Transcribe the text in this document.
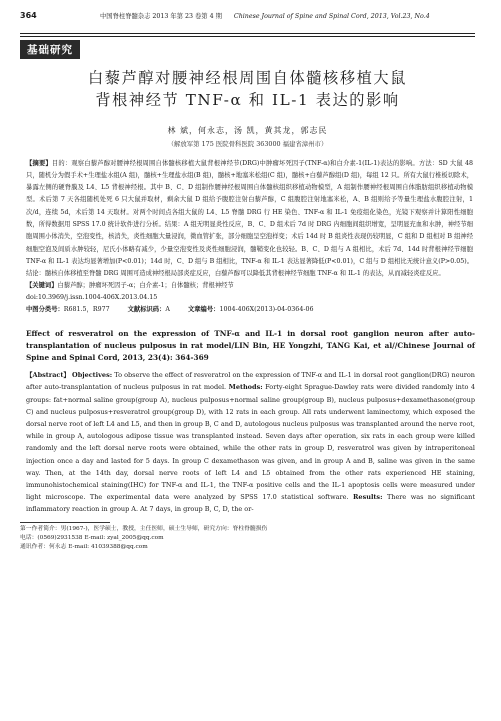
364	中国脊柱脊髓杂志 2013 年第 23 卷第 4 期 Chinese Journal of Spine and Spinal Cord, 2013, Vol.23, No.4
基础研究
白藜芦醇对腰神经根周围自体髓核移植大鼠
背根神经节 TNF-α 和 IL-1 表达的影响
林 斌，何永志，汤 凯，黄其龙，郭志民
（解放军第 175 医院骨科医院 363000 福建省漳州市）
【摘要】目的：观察白藜芦醇对腰神经根周围自体髓核移植大鼠背根神经节(DRG)中肿瘤坏死因子(TNF-α)和白介素-1(IL-1)表达的影响。方法：SD 大鼠 48 只，随机分为假手术+生理盐水组(A 组)，髓核+生理盐水组(B 组)，髓核+地塞米松组(C 组)，髓核+白藜芦醇组(D 组)，每组 12 只。所有大鼠行椎板切除术，暴露左侧的硬脊膜及 L4、L5 背根神经根。其中 B、C、D 组制作腰神经根周围自体髓核组织移植动物模型，A 组制作腰神经根周围自体脂肪组织移植动物模型。术后第 7 天各组随机处死 6 只大鼠并取材，剩余大鼠 D 组给予腹腔注射白藜芦醇，C 组腹腔注射地塞米松，A、B 组则给予等量生理盐水腹腔注射，1 次/d，连续 5d，术后第 14 天取材。对两个时间点各组大鼠的 L4、L5 脊髓 DRG 行 HE 染色、TNF-α 和 IL-1 免疫组化染色，光镜下观察并计算阳性细胞数，所得数据用 SPSS 17.0 统计软件进行分析。结果：A 组无明显炎性反应，B、C、D 组术后 7d 时 DRG 内细胞间组织增宽，呈明显充血和水肿，神经节细胞周围小体消失，空泡变性，核消失，炎性细胞大量浸润，微血管扩张，部分细胞呈空泡样变；术后 14d 时 B 组炎性表现仍较明显，C 组和 D 组相对 B 组神经细胞空泡及间质水肿较轻，尼氏小体略有减少，少量空泡变性及炎性细胞浸润，髓鞘变化也较轻。B、C、D 组与 A 组相比，术后 7d、14d 时背根神经节细胞 TNF-α 和 IL-1 表达均显著增加(P<0.01)；14d 时，C、D 组与 B 组相比，TNF-α 和 IL-1 表达显著降低(P<0.01)，C 组与 D 组相比无统计意义(P>0.05)。结论：髓核自体移植至脊髓 DRG 周围可造成神经根局部炎症反应，白藜芦醇可以降低其背根神经节细胞 TNF-α 和 IL-1 的表达，从而减轻炎症反应。
【关键词】白藜芦醇；肿瘤坏死因子-α；白介素-1；自体髓核；背根神经节
doi:10.3969/j.issn.1004-406X.2013.04.15
中图分类号：R681.5，R977	文献标识码：A	文章编号：1004-406X(2013)-04-0364-06
Effect of resveratrol on the expression of TNF-α and IL-1 in dorsal root ganglion neuron after auto-transplantation of nucleus pulposus in rat model/LIN Bin, HE Yongzhi, TANG Kai, et al//Chinese Journal of Spine and Spinal Cord, 2013, 23(4): 364-369
【Abstract】 Objectives: To observe the effect of resveratrol on the expression of TNF-α and IL-1 in dorsal root ganglion(DRG) neuron after auto-transplantation of nucleus pulposus in rat model. Methods: Forty-eight Sprague-Dawley rats were divided randomly into 4 groups: fat+normal saline group(group A), nucleus pulposus+normal saline group(group B), nucleus pulposus+dexamethasone(group C) and nucleus pulposus+resveratrol group(group D), with 12 rats in each group. All rats underwent laminectomy, which exposed the dorsal nerve root of left L4 and L5, and then in group B, C and D, autologous nucleus pulposus was transplanted around the nerve root, while in group A, autologous adipose tissue was transplanted instead. Seven days after operation, six rats in each group were killed randomly and the left dorsal nerve roots were obtained, while the other rats in group D, resveratrol was given by intraperitoneal injection once a day and lasted for 5 days. In group C dexamethason was given, and in group A and B, saline was given in the same way. Then, at the 14th day, dorsal nerve roots of left L4 and L5 obtained from the other rats experienced HE staining, immunohistochemical staining(IHC) for TNF-α and IL-1, the TNF-α positive cells and the IL-1 apoptosis cells were measured under light microscope. The experimental data were analyzed by SPSS 17.0 statistical software. Results: There was no significant inflammatory reaction in group A. At 7 days, in group B, C, D, the or-
第一作者简介：男(1967-)，医学硕士，教授，主任医师，硕士生导师，研究方向：脊柱脊髓损伤
电话：(0569)2931538 E-mail: zyal_2005@qq.com
通讯作者：何永志 E-mail: 41039388@qq.com
